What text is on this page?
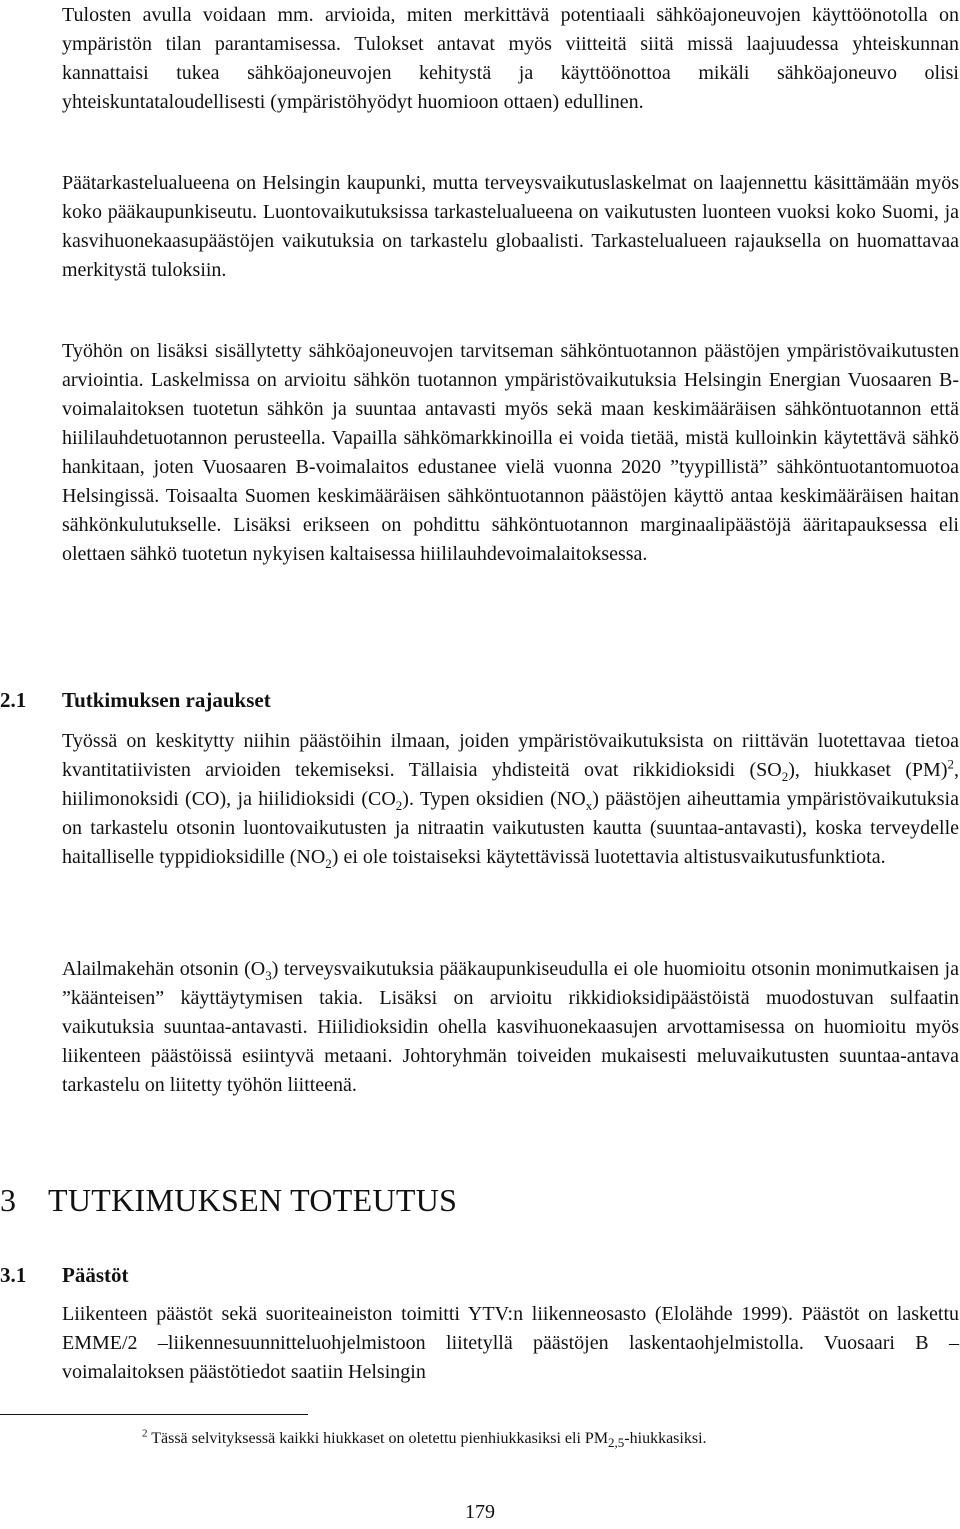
Tulosten avulla voidaan mm. arvioida, miten merkittävä potentiaali sähköajoneuvojen käyttöönotolla on ympäristön tilan parantamisessa. Tulokset antavat myös viitteitä siitä missä laajuudessa yhteiskunnan kannattaisi tukea sähköajoneuvojen kehitystä ja käyttöönottoa mikäli sähköajoneuvo olisi yhteiskuntataloudellisesti (ympäristöhyödyt huomioon ottaen) edullinen.

Päätarkastelualueena on Helsingin kaupunki, mutta terveysvaikutuslaskelmat on laajennettu käsittämään myös koko pääkaupunkiseutu. Luontovaikutuksissa tarkastelualueena on vaikutusten luonteen vuoksi koko Suomi, ja kasvihuonekaasupäästöjen vaikutuksia on tarkastelu globaalisti. Tarkastelualueen rajauksella on huomattavaa merkitystä tuloksiin.

Työhön on lisäksi sisällytetty sähköajoneuvojen tarvitseman sähköntuotannon päästöjen ympäristövaikutusten arviointia. Laskelmissa on arvioitu sähkön tuotannon ympäristövaikutuksia Helsingin Energian Vuosaaren B-voimalaitoksen tuotetun sähkön ja suuntaa antavasti myös sekä maan keskimääräisen sähköntuotannon että hiililauhdetuotannon perusteella. Vapailla sähkömarkkinoilla ei voida tietää, mistä kulloinkin käytettävä sähkö hankitaan, joten Vuosaaren B-voimalaitos edustanee vielä vuonna 2020 ”tyypillistä” sähköntuotantomuotoa Helsingissä. Toisaalta Suomen keskimääräisen sähköntuotannon päästöjen käyttö antaa keskimääräisen haitan sähkönkulutukselle. Lisäksi erikseen on pohdittu sähköntuotannon marginaalipäästöjä ääritapauksessa eli olettaen sähkö tuotetun nykyisen kaltaisessa hiililauhdevoimalaitoksessa.

2.1 Tutkimuksen rajaukset

Työssä on keskitytty niihin päästöihin ilmaan, joiden ympäristövaikutuksista on riittävän luotettavaa tietoa kvantitatiivisten arvioiden tekemiseksi. Tällaisia yhdisteitä ovat rikkidioksidi $(SO_2)$, hiukkaset (PM)$^2$, hiilimonoksidi (CO), ja hiilidioksidi $(CO_2)$. Typen oksidien $(NO_x)$ päästöjen aiheuttamia ympäristövaikutuksia on tarkastelu otsonin luontovaikutusten ja nitraatin vaikutusten kautta (suuntaa-antavasti), koska terveydelle haitalliselle typpidioksidille $(NO_2)$ ei ole toistaiseksi käytettävissä luotettavia altistusvaikutusfunktiota.

Alailmakehän otsonin $(O_3)$ terveysvaikutuksia pääkaupunkiseudulla ei ole huomioitu otsonin monimutkaisen ja ”käänteisen” käyttäytymisen takia. Lisäksi on arvioitu rikkidioksidipäästöistä muodostuvan sulfaatin vaikutuksia suuntaa-antavasti. Hiilidioksidin ohella kasvihuonekaasujen arvottamisessa on huomioitu myös liikenteen päästöissä esiintyvä metaani. Johtoryhmän toiveiden mukaisesti meluvaikutusten suuntaa-antava tarkastelu on liitetty työhön liitteenä.

3 TUTKIMUKSEN TOTEUTUS
3.1 Päästöt

Liikenteen päästöt sekä suoriteaineiston toimitti YTV:n liikenneosasto (Elolähde 1999). Päästöt on laskettu EMME/2 –liikennesuunnitteluohjelmistoon liitetyllä päästöjen laskentaohjelmistolla. Vuosaari B –voimalaitoksen päästötiedot saatiin Helsingin

$^2$ Tässä selvityksessä kaikki hiukkaset on oletettu pienhiukkasiksi eli $PM_{2,5}$-hiukkasiksi.

179
